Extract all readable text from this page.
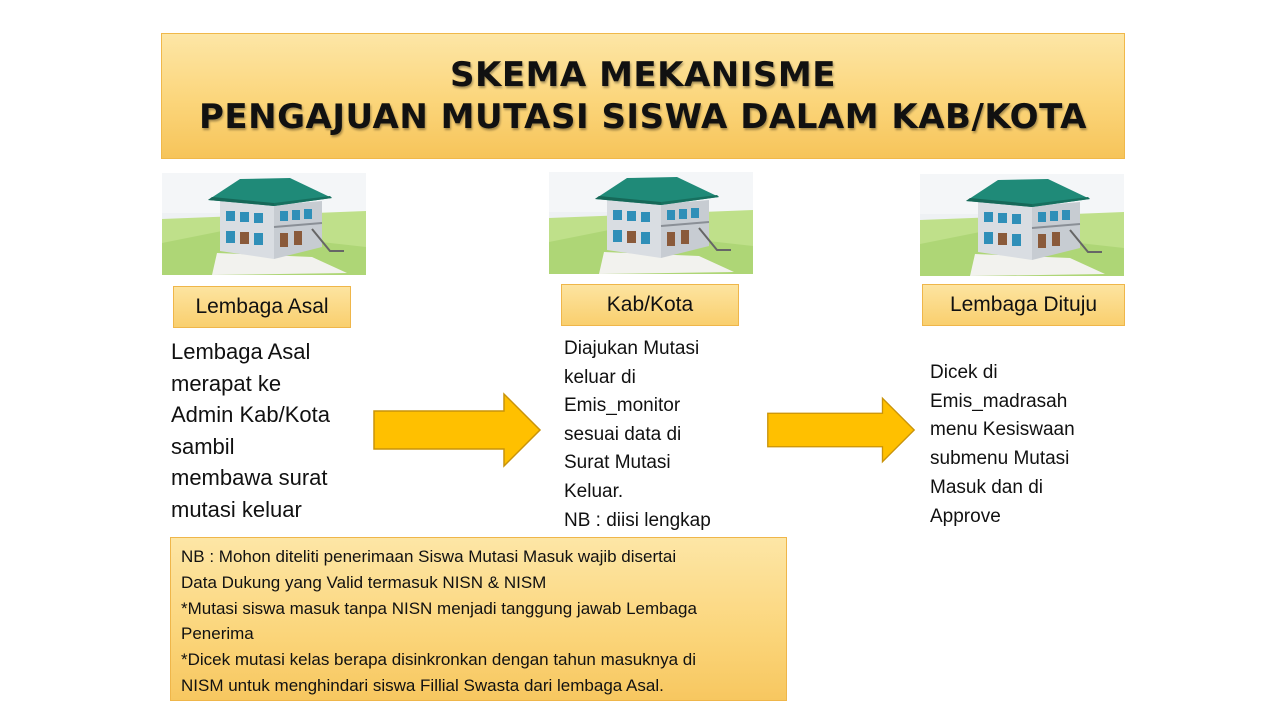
SKEMA MEKANISME
PENGAJUAN MUTASI SISWA DALAM KAB/KOTA
Lembaga Asal
Lembaga Asal
merapat ke
Admin Kab/Kota
sambil
membawa surat
mutasi keluar
Kab/Kota
Diajukan Mutasi
keluar di
Emis_monitor
sesuai data di
Surat Mutasi
Keluar.
NB : diisi lengkap
Lembaga Dituju
Dicek di
Emis_madrasah
menu Kesiswaan
submenu Mutasi
Masuk dan di
Approve
NB : Mohon diteliti penerimaan Siswa Mutasi Masuk wajib disertai
Data Dukung yang Valid termasuk NISN & NISM
*Mutasi siswa masuk tanpa NISN menjadi tanggung jawab Lembaga
Penerima
*Dicek mutasi kelas berapa disinkronkan dengan tahun masuknya di
NISM untuk menghindari siswa Fillial Swasta dari lembaga Asal.
